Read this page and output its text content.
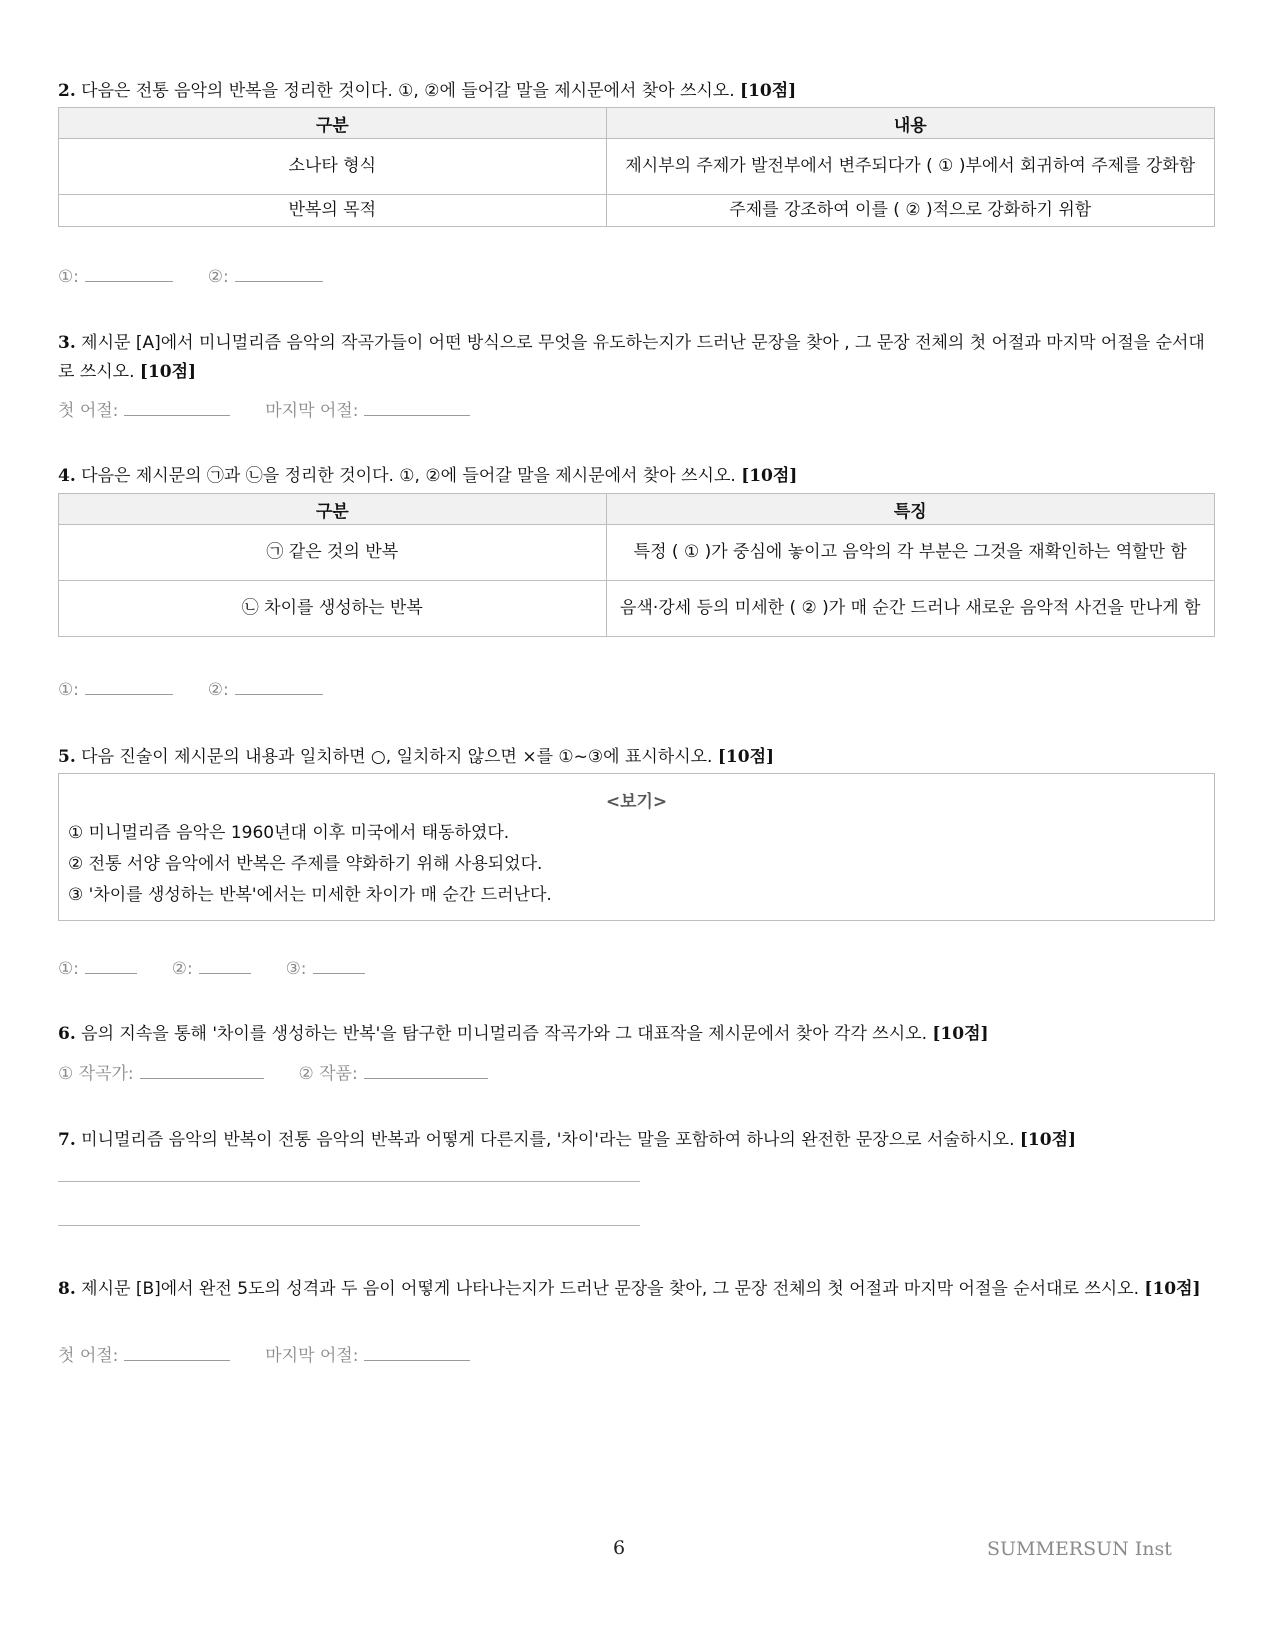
2. 다음은 전통 음악의 반복을 정리한 것이다. ①, ②에 들어갈 말을 제시문에서 찾아 쓰시오. [10점]
구분	내용
소나타 형식	제시부의 주제가 발전부에서 변주되다가 ( ① )부에서 회귀하여 주제를 강화함
반복의 목적	주제를 강조하여 이를 ( ② )적으로 강화하기 위함
①:	②:
3. 제시문 [A]에서 미니멀리즘 음악의 작곡가들이 어떤 방식으로 무엇을 유도하는지가 드러난 문장을 찾아 , 그 문장 전체의 첫 어절과 마지막 어절을 순서대로 쓰시오. [10점]
첫 어절:	마지막 어절:
4. 다음은 제시문의 ㉠과 ㉡을 정리한 것이다. ①, ②에 들어갈 말을 제시문에서 찾아 쓰시오. [10점]
구분	특징
㉠ 같은 것의 반복	특정 ( ① )가 중심에 놓이고 음악의 각 부분은 그것을 재확인하는 역할만 함
㉡ 차이를 생성하는 반복	음색·강세 등의 미세한 ( ② )가 매 순간 드러나 새로운 음악적 사건을 만나게 함
①:	②:
5. 다음 진술이 제시문의 내용과 일치하면 ○, 일치하지 않으면 ×를 ①~③에 표시하시오. [10점]
<보기>
① 미니멀리즘 음악은 1960년대 이후 미국에서 태동하였다.
② 전통 서양 음악에서 반복은 주제를 약화하기 위해 사용되었다.
③ '차이를 생성하는 반복'에서는 미세한 차이가 매 순간 드러난다.
①:	②:	③:
6. 음의 지속을 통해 '차이를 생성하는 반복'을 탐구한 미니멀리즘 작곡가와 그 대표작을 제시문에서 찾아 각각 쓰시오. [10점]
① 작곡가:	② 작품:
7. 미니멀리즘 음악의 반복이 전통 음악의 반복과 어떻게 다른지를, '차이'라는 말을 포함하여 하나의 완전한 문장으로 서술하시오. [10점]
8. 제시문 [B]에서 완전 5도의 성격과 두 음이 어떻게 나타나는지가 드러난 문장을 찾아, 그 문장 전체의 첫 어절과 마지막 어절을 순서대로 쓰시오. [10점]
첫 어절:	마지막 어절:
6	SUMMERSUN Inst
